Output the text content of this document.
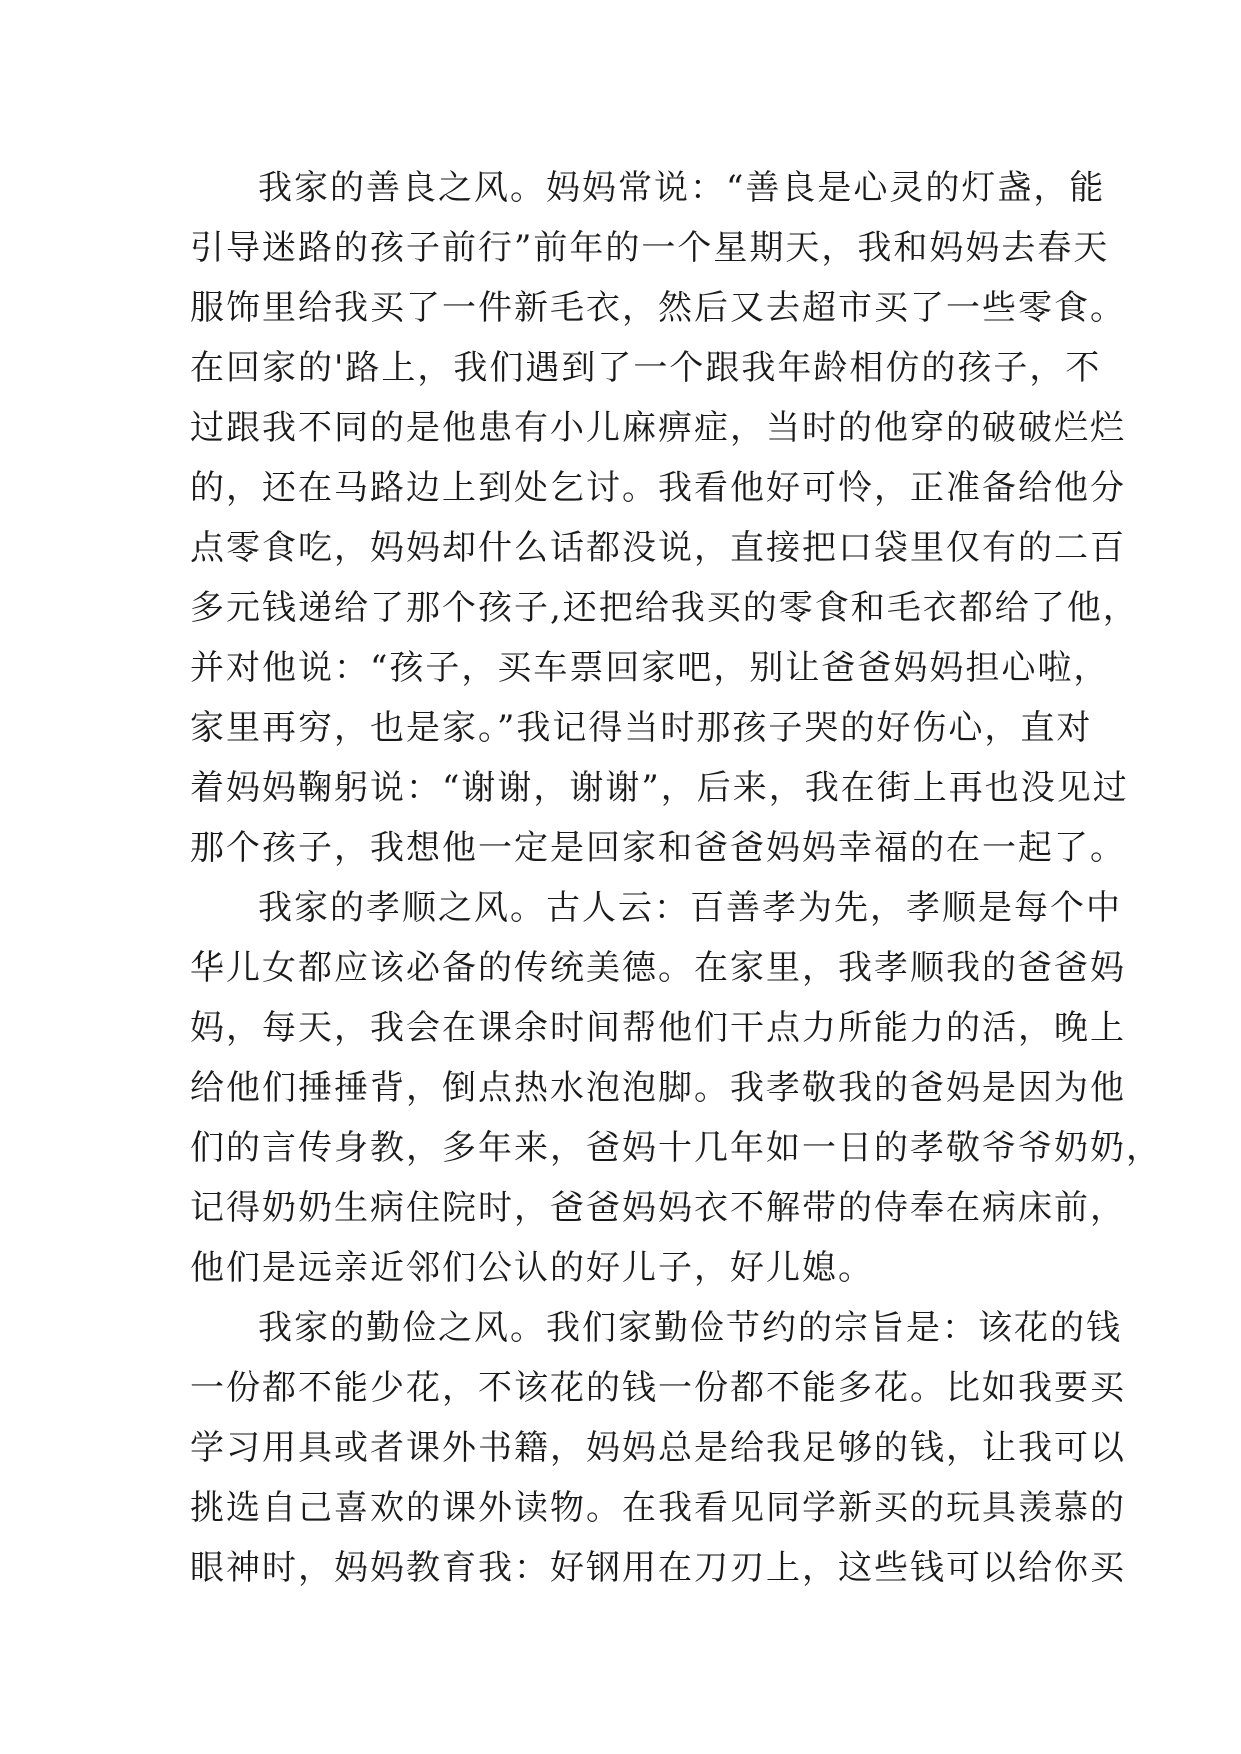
我家的善良之风。妈妈常说：“善良是心灵的灯盏，能
引导迷路的孩子前行”前年的一个星期天，我和妈妈去春天
服饰里给我买了一件新毛衣，然后又去超市买了一些零食。
在回家的'路上，我们遇到了一个跟我年龄相仿的孩子，不
过跟我不同的是他患有小儿麻痹症，当时的他穿的破破烂烂
的，还在马路边上到处乞讨。我看他好可怜，正准备给他分
点零食吃，妈妈却什么话都没说，直接把口袋里仅有的二百
多元钱递给了那个孩子,还把给我买的零食和毛衣都给了他，
并对他说：“孩子，买车票回家吧，别让爸爸妈妈担心啦，
家里再穷，也是家。”我记得当时那孩子哭的好伤心，直对
着妈妈鞠躬说：“谢谢，谢谢”，后来，我在街上再也没见过
那个孩子，我想他一定是回家和爸爸妈妈幸福的在一起了。
我家的孝顺之风。古人云：百善孝为先，孝顺是每个中
华儿女都应该必备的传统美德。在家里，我孝顺我的爸爸妈
妈，每天，我会在课余时间帮他们干点力所能力的活，晚上
给他们捶捶背，倒点热水泡泡脚。我孝敬我的爸妈是因为他
们的言传身教，多年来，爸妈十几年如一日的孝敬爷爷奶奶，
记得奶奶生病住院时，爸爸妈妈衣不解带的侍奉在病床前，
他们是远亲近邻们公认的好儿子，好儿媳。
我家的勤俭之风。我们家勤俭节约的宗旨是：该花的钱
一份都不能少花，不该花的钱一份都不能多花。比如我要买
学习用具或者课外书籍，妈妈总是给我足够的钱，让我可以
挑选自己喜欢的课外读物。在我看见同学新买的玩具羡慕的
眼神时，妈妈教育我：好钢用在刀刃上，这些钱可以给你买
